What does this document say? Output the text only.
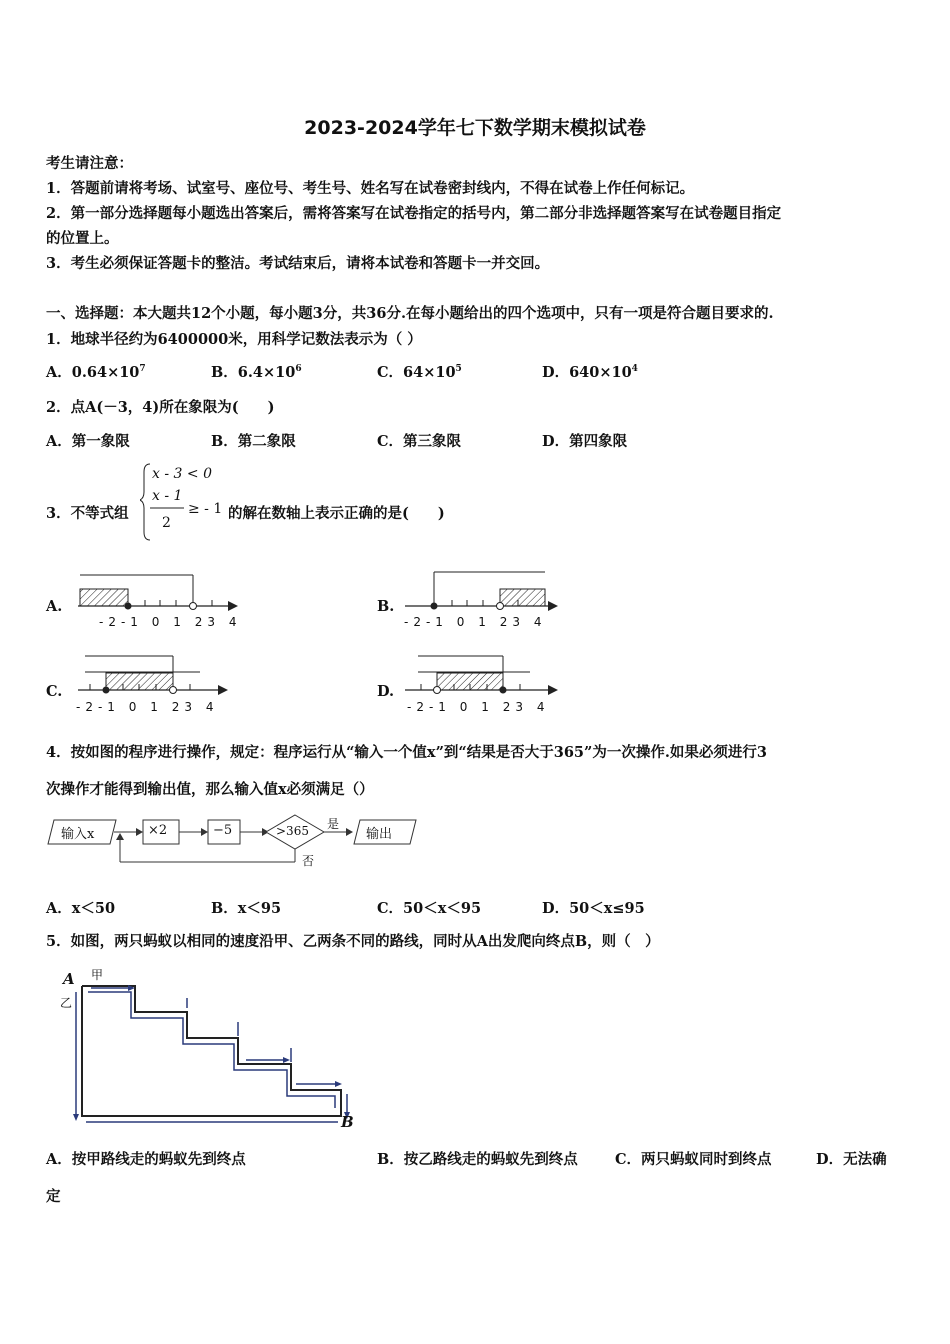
2023-2024学年七下数学期末模拟试卷
考生请注意：
1．答题前请将考场、试室号、座位号、考生号、姓名写在试卷密封线内，不得在试卷上作任何标记。
2．第一部分选择题每小题选出答案后，需将答案写在试卷指定的括号内，第二部分非选择题答案写在试卷题目指定
的位置上。
3．考生必须保证答题卡的整洁。考试结束后，请将本试卷和答题卡一并交回。
一、选择题：本大题共12个小题，每小题3分，共36分.在每小题给出的四个选项中，只有一项是符合题目要求的.
1．地球半径约为6400000米，用科学记数法表示为（ ）
A．$0.64\times 10^7$	B．$6.4\times 10^6$	C．$64\times 10^5$	D．$640\times 10^4$
2．点A(－3，4)所在象限为(　　)
A．第一象限	B．第二象限	C．第三象限	D．第四象限
3．不等式组
x - 3 < 0
x - 1
2
≥ - 1 的解在数轴上表示正确的是(　　)
A.	B.
C.	D.
-2-1 0 1 23 4	-2-1 0 1 23 4
-2-1 0 1 23 4	-2-1 0 1 23 4
4．按如图的程序进行操作，规定：程序运行从“输入一个值x”到“结果是否大于365”为一次操作.如果必须进行3
次操作才能得到输出值，那么输入值x必须满足（）
输入x	×2	−5	>365 是
否
输出
A．x＜50	B．x＜95	C．50＜x＜95	D．50＜x≤95
5．如图，两只蚂蚁以相同的速度沿甲、乙两条不同的路线，同时从A出发爬向终点B，则（　）
A 甲
乙
B
A．按甲路线走的蚂蚁先到终点	B．按乙路线走的蚂蚁先到终点	C．两只蚂蚁同时到终点	D．无法确
定
